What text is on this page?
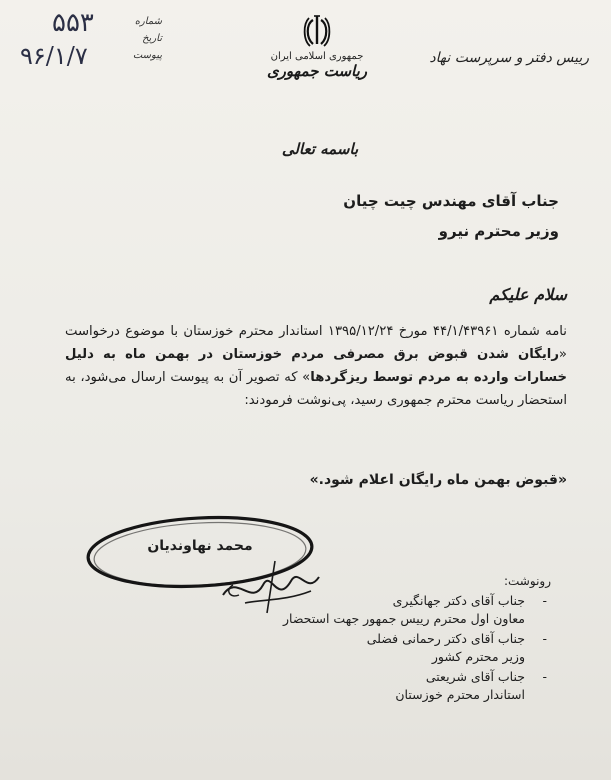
۵۵۳
۹۶/۱/۷
شماره
تاریخ
پیوست	جمهوری اسلامی ایران
ریاست جمهوری
رییس دفتر و سرپرست نهاد
باسمه تعالی
جناب آقای مهندس چیت چیان
وزیر محترم نیرو
سلام علیکم
نامه شماره ۴۴/۱/۴۳۹۶۱ مورخ ۱۳۹۵/۱۲/۲۴ استاندار محترم خوزستان با موضوع درخواست «رایگان شدن قبوض برق مصرفی مردم خوزستان در بهمن ماه به دلیل خسارات وارده به مردم توسط ریزگردها» که تصویر آن به پیوست ارسال می‌شود، به استحضار ریاست محترم جمهوری رسید، پی‌نوشت فرمودند:
«قبوض بهمن ماه رایگان اعلام شود.»
محمد نهاوندیان
رونوشت:
-
جناب آقای دکتر جهانگیری
معاون اول محترم رییس جمهور جهت استحضار
-
جناب آقای دکتر رحمانی فضلی
وزیر محترم کشور
-
جناب آقای شریعتی
استاندار محترم خوزستان
